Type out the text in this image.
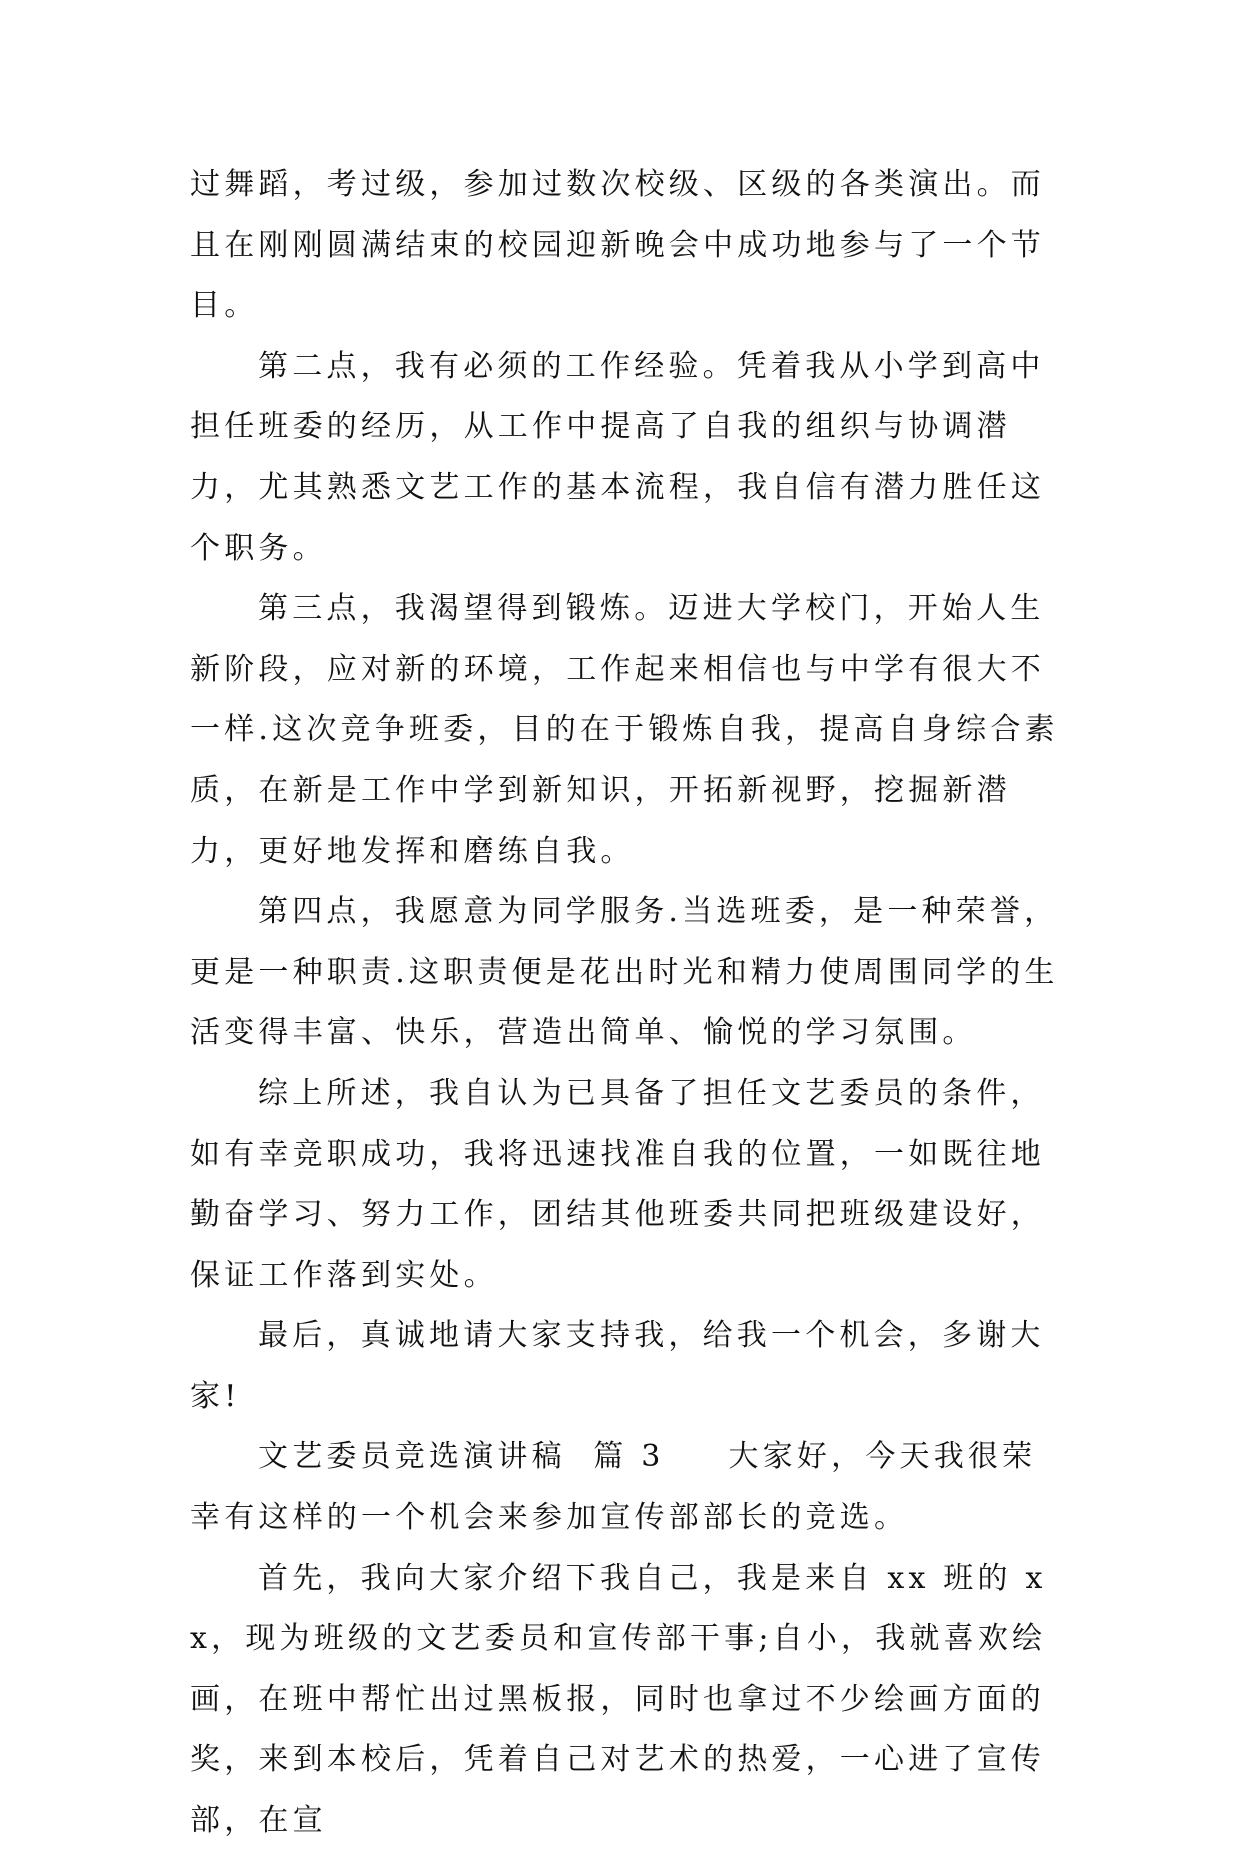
过舞蹈，考过级，参加过数次校级、区级的各类演出。而且在刚刚圆满结束的校园迎新晚会中成功地参与了一个节目。

第二点，我有必须的工作经验。凭着我从小学到高中担任班委的经历，从工作中提高了自我的组织与协调潜力，尤其熟悉文艺工作的基本流程，我自信有潜力胜任这个职务。

第三点，我渴望得到锻炼。迈进大学校门，开始人生新阶段，应对新的环境，工作起来相信也与中学有很大不一样.这次竞争班委，目的在于锻炼自我，提高自身综合素质，在新是工作中学到新知识，开拓新视野，挖掘新潜力，更好地发挥和磨练自我。

第四点，我愿意为同学服务.当选班委，是一种荣誉，更是一种职责.这职责便是花出时光和精力使周围同学的生活变得丰富、快乐，营造出简单、愉悦的学习氛围。

综上所述，我自认为已具备了担任文艺委员的条件，如有幸竞职成功，我将迅速找准自我的位置，一如既往地勤奋学习、努力工作，团结其他班委共同把班级建设好，保证工作落到实处。

最后，真诚地请大家支持我，给我一个机会，多谢大家!

文艺委员竞选演讲稿 篇 3 大家好，今天我很荣幸有这样的一个机会来参加宣传部部长的竞选。

首先，我向大家介绍下我自己，我是来自 xx 班的 xx，现为班级的文艺委员和宣传部干事;自小，我就喜欢绘画，在班中帮忙出过黑板报，同时也拿过不少绘画方面的奖，来到本校后，凭着自己对艺术的热爱，一心进了宣传部，在宣
